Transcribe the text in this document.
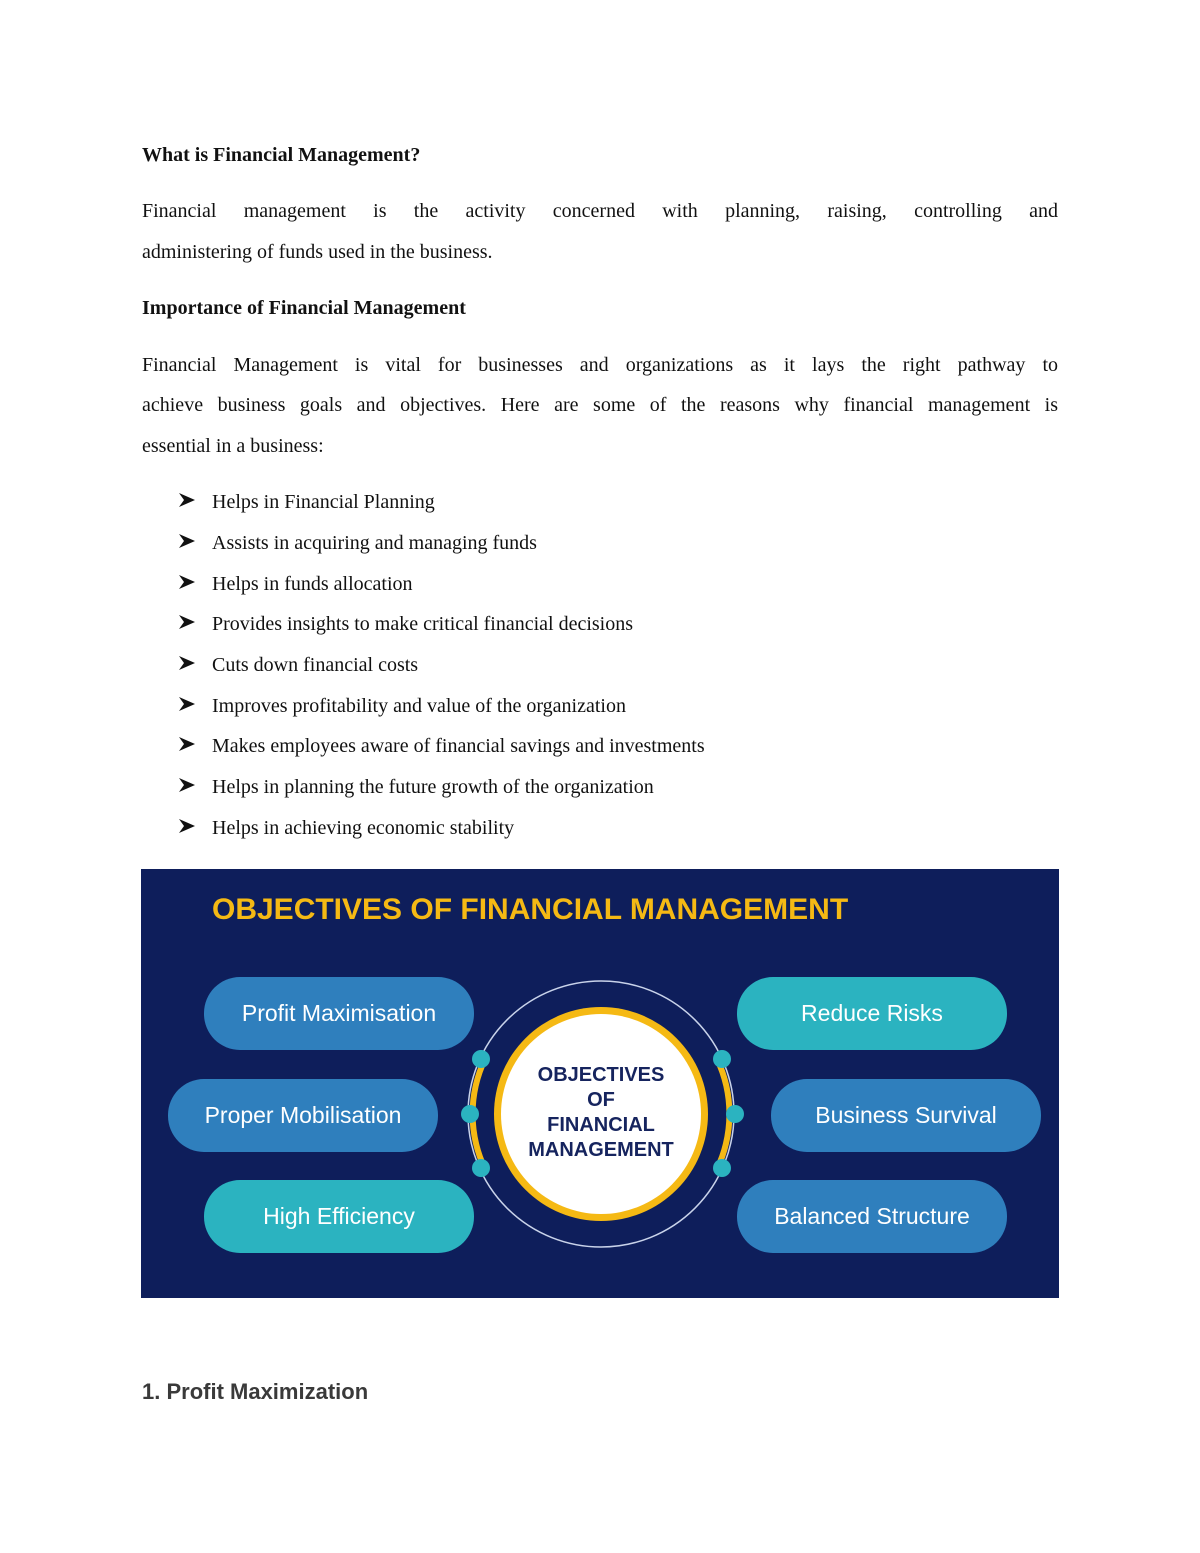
What is Financial Management?

Financial management is the activity concerned with planning, raising, controlling and

administering of funds used in the business.

Importance of Financial Management

Financial Management is vital for businesses and organizations as it lays the right pathway to

achieve business goals and objectives. Here are some of the reasons why financial management is

essential in a business:

Helps in Financial Planning
Assists in acquiring and managing funds
Helps in funds allocation
Provides insights to make critical financial decisions
Cuts down financial costs
Improves profitability and value of the organization
Makes employees aware of financial savings and investments
Helps in planning the future growth of the organization
Helps in achieving economic stability
OBJECTIVES OF FINANCIAL MANAGEMENT
OBJECTIVES
OF
FINANCIAL
MANAGEMENT
Profit Maximisation
Proper Mobilisation
High Efficiency
Reduce Risks
Business Survival
Balanced Structure
1. Profit Maximization
